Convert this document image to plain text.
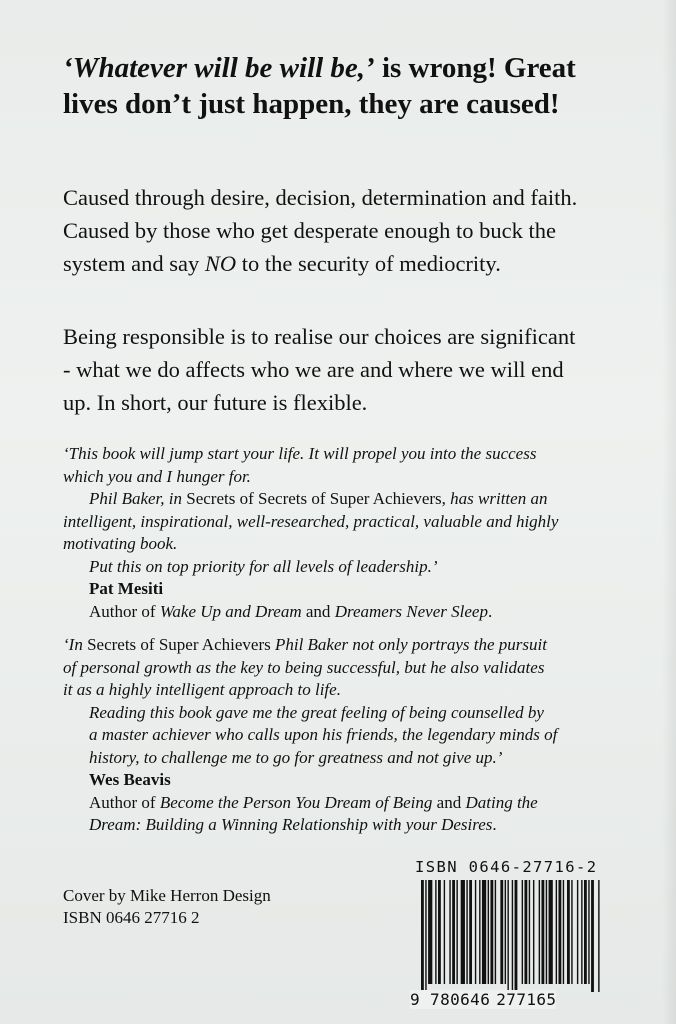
‘Whatever will be will be,’ is wrong! Great lives don’t just happen, they are caused!

Caused through desire, decision, determination and faith.
Caused by those who get desperate enough to buck the
system and say NO to the security of mediocrity.

Being responsible is to realise our choices are significant
- what we do affects who we are and where we will end
up. In short, our future is flexible.

‘This book will jump start your life. It will propel you into the success
which you and I hunger for.
Phil Baker, in Secrets of Secrets of Super Achievers, has written an
intelligent, inspirational, well-researched, practical, valuable and highly
motivating book.
Put this on top priority for all levels of leadership.’
Pat Mesiti
Author of Wake Up and Dream and Dreamers Never Sleep.
‘In Secrets of Super Achievers Phil Baker not only portrays the pursuit
of personal growth as the key to being successful, but he also validates
it as a highly intelligent approach to life.
Reading this book gave me the great feeling of being counselled by
a master achiever who calls upon his friends, the legendary minds of
history, to challenge me to go for greatness and not give up.’
Wes Beavis
Author of Become the Person You Dream of Being and Dating the
Dream: Building a Winning Relationship with your Desires.
Cover by Mike Herron Design
ISBN 0646 27716 2
ISBN 0646-27716-2
9 780646 277165
